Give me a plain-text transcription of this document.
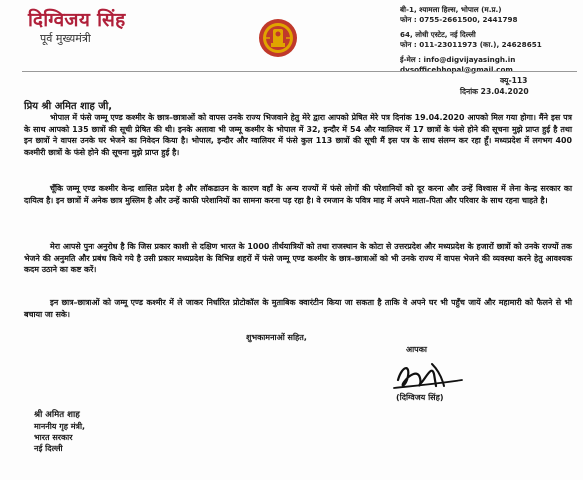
दिग्विजय सिंह
पूर्व मुख्यमंत्री
बी-1, श्यामला हिल्स, भोपाल (म.प्र.)
फोन : 0755-2661500, 2441798
64, लोधी एस्टेट, नई दिल्ली
फोन : 011-23011973 (का.), 24628651
ई-मेल : info@digvijayasingh.in
dvsofficebhopal@gmail.com
क्यू-113
दिनांक 23.04.2020
प्रिय श्री अमित शाह जी,
भोपाल में फंसे जम्मू एण्ड कश्मीर के छात्र–छात्राओं को वापस उनके राज्य भिजवाने हेतु मेरे द्वारा आपको प्रेषित मेरे पत्र दिनांक 19.04.2020 आपको मिल गया होगा। मैंने इस पत्र के साथ आपको 135 छात्रों की सूची प्रेषित की थी। इनके अलावा भी जम्मू कश्मीर के भोपाल में 32, इन्दौर में 54 और ग्वालियर में 17 छात्रों के फंसे होने की सूचना मुझे प्राप्त हुई है तथा इन छात्रों ने वापस उनके घर भेजने का निवेदन किया है। भोपाल, इन्दौर और ग्वालियर में फंसे कुल 113 छात्रों की सूची मैं इस पत्र के साथ संलग्न कर रहा हूँ। मध्यप्रदेश में लगभग 400 कश्मीरी छात्रों के फंसे होने की सूचना मुझे प्राप्त हुई है।
चूँकि जम्मू एण्ड कश्मीर केन्द्र शासित प्रदेश है और लॉकडाउन के कारण वहाँ के अन्य राज्यों में फंसे लोगों की परेशानियों को दूर करना और उन्हें विश्वास में लेना केन्द्र सरकार का दायित्व है। इन छात्रों में अनेक छात्र मुस्लिम है और उन्हें काफी परेशानियों का सामना करना पड़ रहा है। वे रमजान के पवित्र माह में अपने माता–पिता और परिवार के साथ रहना चाहते है।
मेरा आपसे पुनः अनुरोध है कि जिस प्रकार काशी से दक्षिण भारत के 1000 तीर्थयात्रियों को तथा राजस्थान के कोटा से उत्तरप्रदेश और मध्यप्रदेश के हजारों छात्रों को उनके राज्यों तक भेजने की अनुमति और प्रबंध किये गये है उसी प्रकार मध्यप्रदेश के विभिन्न शहरों में फंसे जम्मू एण्ड कश्मीर के छात्र–छात्राओं को भी उनके राज्य में वापस भेजने की व्यवस्था करने हेतु आवश्यक कदम उठाने का कष्ट करें।
इन छात्र–छात्राओं को जम्मू एण्ड कश्मीर में ले जाकर निर्धारित प्रोटोकॉल के मुताबिक क्वारंटीन किया जा सकता है ताकि वे अपने घर भी पहुँच जायें और महामारी को फैलने से भी बचाया जा सके।
शुभकामनाओं सहित,
आपका
(दिग्विजय सिंह)
श्री अमित शाह
माननीय गृह मंत्री,
भारत सरकार
नई दिल्ली
